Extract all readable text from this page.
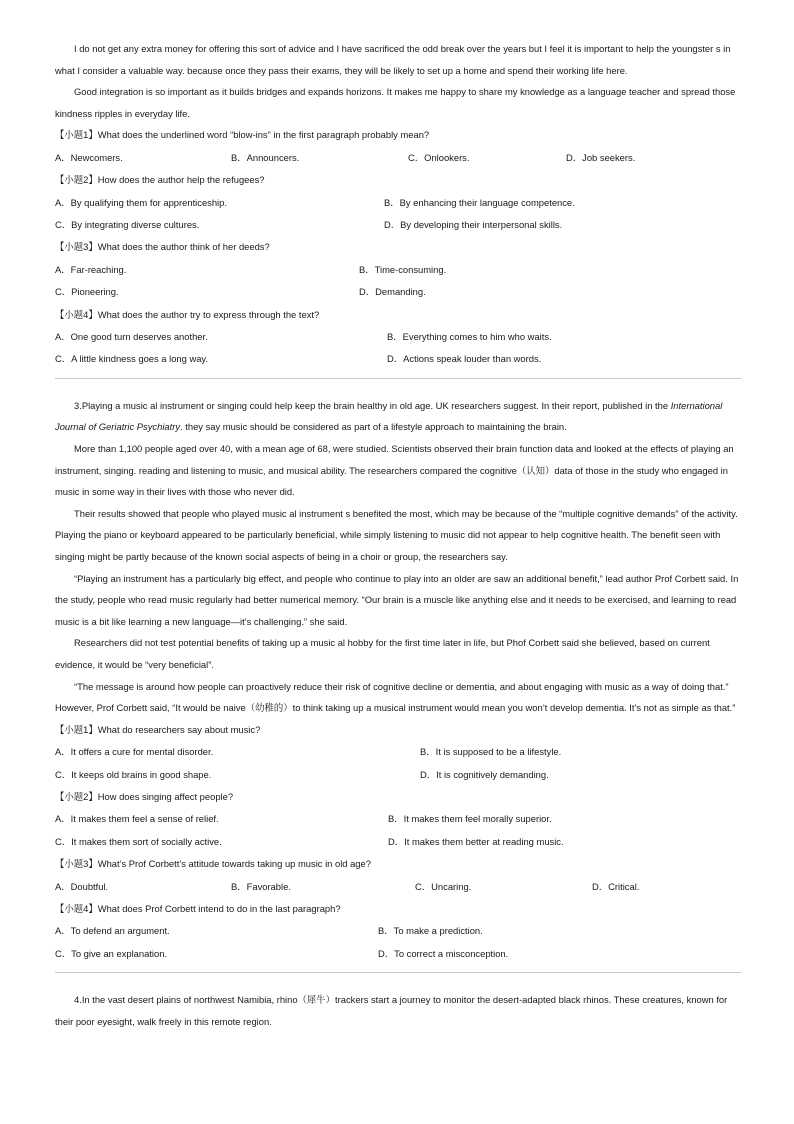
I do not get any extra money for offering this sort of advice and I have sacrificed the odd break over the years but I feel it is important to help the youngster s in what I consider a valuable way. because once they pass their exams, they will be likely to set up a home and spend their working life here.

Good integration is so important as it builds bridges and expands horizons. It makes me happy to share my knowledge as a language teacher and spread those kindness ripples in everyday life.

【小题1】What does the underlined word “blow-ins” in the first paragraph probably mean?

A．Newcomers.	B．Announcers.	C．Onlookers.	D．Job seekers.

【小题2】How does the author help the refugees?

A．By qualifying them for apprenticeship.	B．By enhancing their language competence.
C．By integrating diverse cultures.	D．By developing their interpersonal skills.

【小题3】What does the author think of her deeds?

A．Far-reaching.	B．Time-consuming.
C．Pioneering.	D．Demanding.

【小题4】What does the author try to express through the text?

A．One good turn deserves another.	B．Everything comes to him who waits.
C．A little kindness goes a long way.	D．Actions speak louder than words.

3.Playing a music al instrument or singing could help keep the brain healthy in old age. UK researchers suggest. In their report, published in the International Journal of Geriatric Psychiatry. they say music should be considered as part of a lifestyle approach to maintaining the brain.

More than 1,100 people aged over 40, with a mean age of 68, were studied. Scientists observed their brain function data and looked at the effects of playing an instrument, singing. reading and listening to music, and musical ability. The researchers compared the cognitive（认知）data of those in the study who engaged in music in some way in their lives with those who never did.

Their results showed that people who played music al instrument s benefited the most, which may be because of the “multiple cognitive demands” of the activity. Playing the piano or keyboard appeared to be particularly beneficial, while simply listening to music did not appear to help cognitive health. The benefit seen with singing might be partly because of the known social aspects of being in a choir or group, the researchers say.

“Playing an instrument has a particularly big effect, and people who continue to play into an older are saw an additional benefit,” lead author Prof Corbett said. In the study, people who read music regularly had better numerical memory. “Our brain is a muscle like anything else and it needs to be exercised, and learning to read music is a bit like learning a new language—it’s challenging.” she said.

Researchers did not test potential benefits of taking up a music al hobby for the first time later in life, but Phof Corbett said she believed, based on current evidence, it would be “very beneficial”.

“The message is around how people can proactively reduce their risk of cognitive decline or dementia, and about engaging with music as a way of doing that.” However, Prof Corbett said, “It would be naive（幼稚的）to think taking up a musical instrument would mean you won’t develop dementia. It’s not as simple as that.”

【小题1】What do researchers say about music?

A．It offers a cure for mental disorder.	B．It is supposed to be a lifestyle.
C．It keeps old brains in good shape.	D．It is cognitively demanding.

【小题2】How does singing affect people?

A．It makes them feel a sense of relief.	B．It makes them feel morally superior.
C．It makes them sort of socially active.	D．It makes them better at reading music.

【小题3】What’s Prof Corbett’s attitude towards taking up music in old age?

A．Doubtful.	B．Favorable.	C．Uncaring.	D．Critical.

【小题4】What does Prof Corbett intend to do in the last paragraph?

A．To defend an argument.	B．To make a prediction.
C．To give an explanation.	D．To correct a misconception.

4.In the vast desert plains of northwest Namibia, rhino（犀牛）trackers start a journey to monitor the desert-adapted black rhinos. These creatures, known for their poor eyesight, walk freely in this remote region.
